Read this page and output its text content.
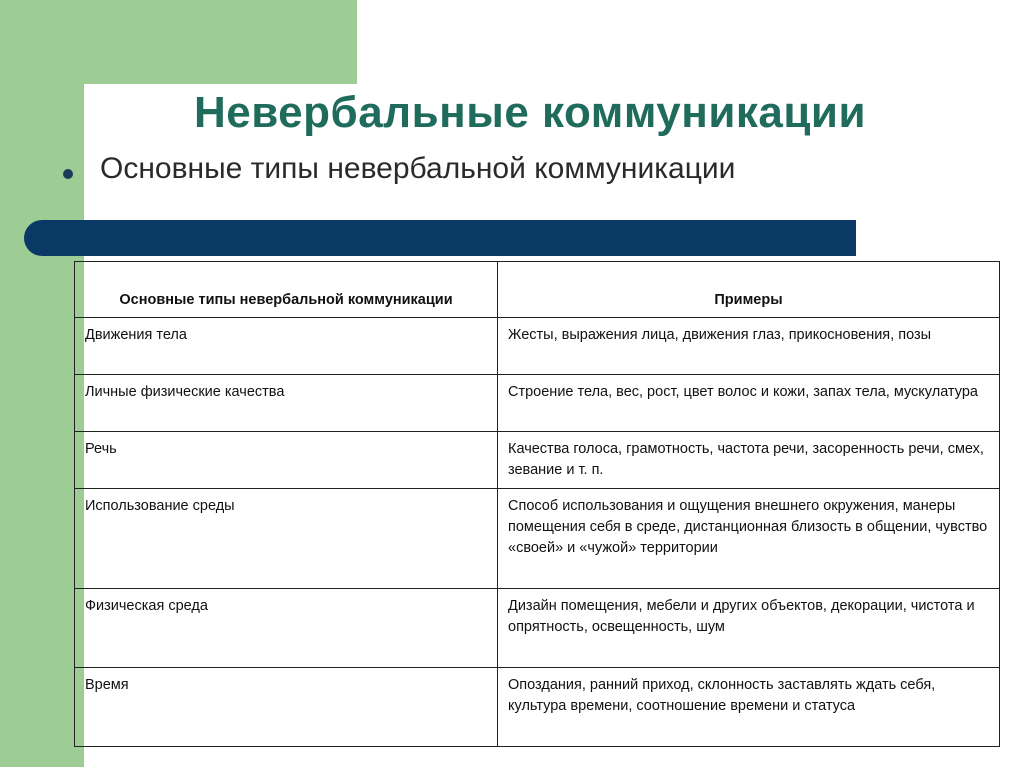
Невербальные коммуникации

Основные типы невербальной коммуникации

Основные типы невербальной коммуникации	Примеры
Движения тела	Жесты, выражения лица, движения глаз, прикосновения, позы
Личные физические качества	Строение тела, вес, рост, цвет волос и кожи, запах тела, мускулатура
Речь	Качества голоса, грамотность, частота речи, засоренность речи, смех, зевание и т. п.
Использование среды	Способ использования и ощущения внешнего окружения, манеры помещения себя в среде, дистанционная близость в общении, чувство «своей» и «чужой» территории
Физическая среда	Дизайн помещения, мебели и других объектов, декорации, чистота и опрятность, освещенность, шум
Время	Опоздания, ранний приход, склонность заставлять ждать себя, культура времени, соотношение времени и статуса
